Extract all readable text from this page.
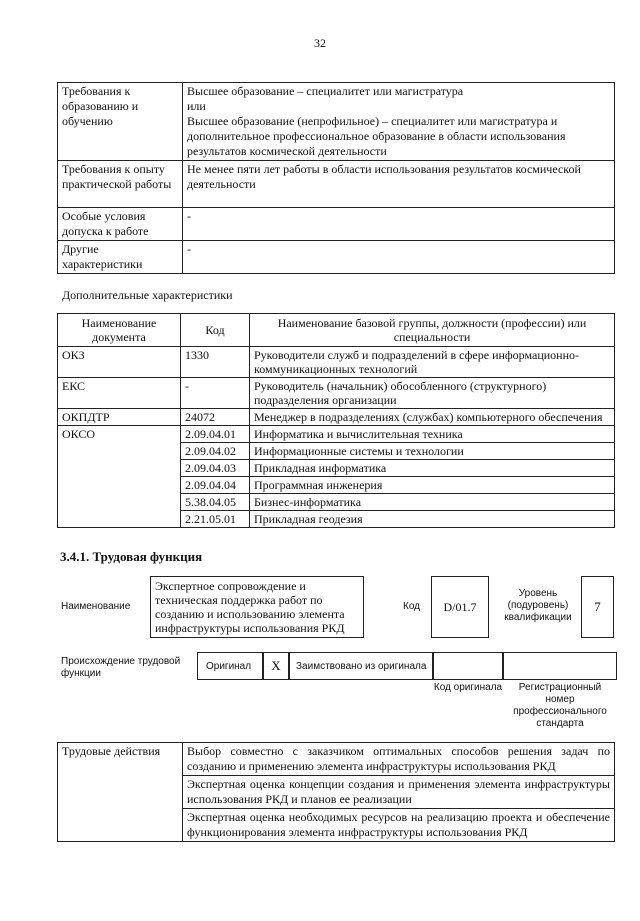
32
Требования к образованию и обучению	Высшее образование – специалитет или магистратура
или
Высшее образование (непрофильное) – специалитет или магистратура и дополнительное профессиональное образование в области использования результатов космической деятельности
Требования к опыту практической работы	Не менее пяти лет работы в области использования результатов космической деятельности
Особые условия допуска к работе	-
Другие характеристики	-
Дополнительные характеристики
Наименование документа	Код	Наименование базовой группы, должности (профессии) или специальности
ОКЗ	1330	Руководители служб и подразделений в сфере информационно-коммуникационных технологий
ЕКС	-	Руководитель (начальник) обособленного (структурного) подразделения организации
ОКПДТР	24072	Менеджер в подразделениях (службах) компьютерного обеспечения
ОКСО	2.09.04.01	Информатика и вычислительная техника
	2.09.04.02	Информационные системы и технологии
	2.09.04.03	Прикладная информатика
	2.09.04.04	Программная инженерия
	5.38.04.05	Бизнес-информатика
	2.21.05.01	Прикладная геодезия
3.4.1. Трудовая функция
Наименование
Экспертное сопровождение и техническая поддержка работ по созданию и использованию элемента инфраструктуры использования РКД
Код	D/01.7
Уровень (подуровень) квалификации
7
Происхождение трудовой функции
Оригинал	X	Заимствовано из оригинала
Код оригинала	Регистрационный номер профессионального стандарта
Трудовые действия	Выбор совместно с заказчиком оптимальных способов решения задач по созданию и применению элемента инфраструктуры использования РКД
Экспертная оценка концепции создания и применения элемента инфраструктуры использования РКД и планов ее реализации
Экспертная оценка необходимых ресурсов на реализацию проекта и обеспечение функционирования элемента инфраструктуры использования РКД
